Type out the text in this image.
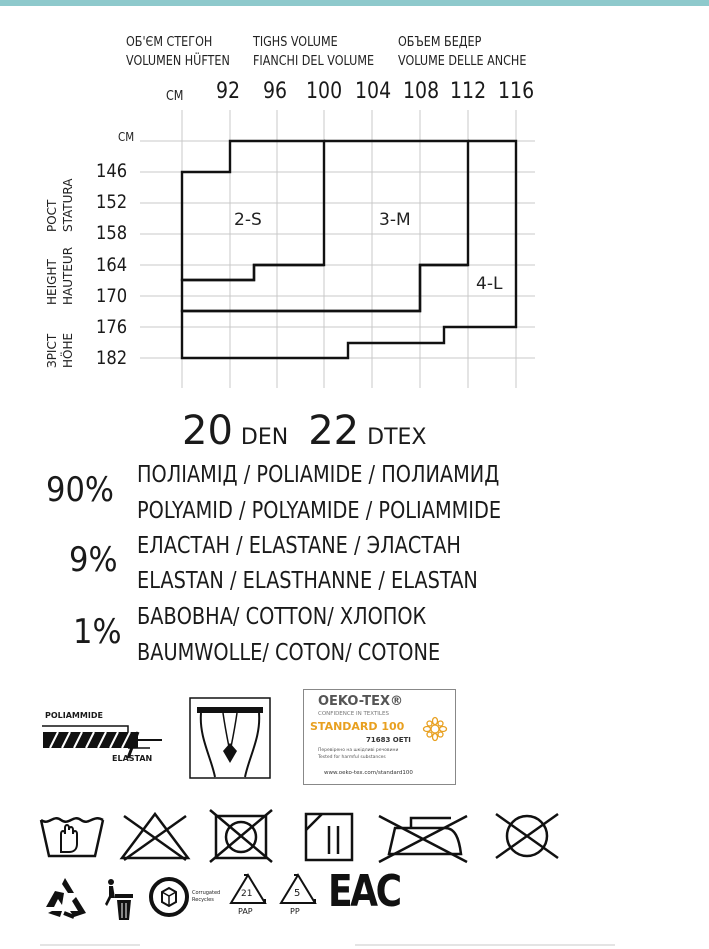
ОБ'ЄМ СТЕГОН
VOLUMEN HÜFTEN
TIGHS VOLUME
FIANCHI DEL VOLUME
ОБЪЕМ БЕДЕР
VOLUME DELLE ANCHE
CM 92 96 100 104 108 112 116
CM
146
152
158
164
170
176
182
РОСТ STATURA
HEIGHT HAUTEUR
ЗРІСТ HÖHE
2-S	3-M
4-L
20 DEN 22 DTEX
90% ПОЛІАМІД / POLIAMIDE / ПОЛИАМИД
POLYAMID / POLYAMIDE / POLIAMMIDE
9% ЕЛАСТАН / ELASTANE / ЭЛАСТАН
ELASTAN / ELASTHANNE / ELASTAN
1% БАВОВНА/ COTTON/ ХЛОПОК
BAUMWOLLE/ COTON/ COTONE
POLIAMMIDE
ELASTAN
OEKO-TEX®
CONFIDENCE IN TEXTILES
STANDARD 100
71683 OETI
Перевірено на шкідливі речовини
Tested for harmful substances
www.oeko-tex.com/standard100
Corrugated
Recycles
21
PAP
5
PP EAC
